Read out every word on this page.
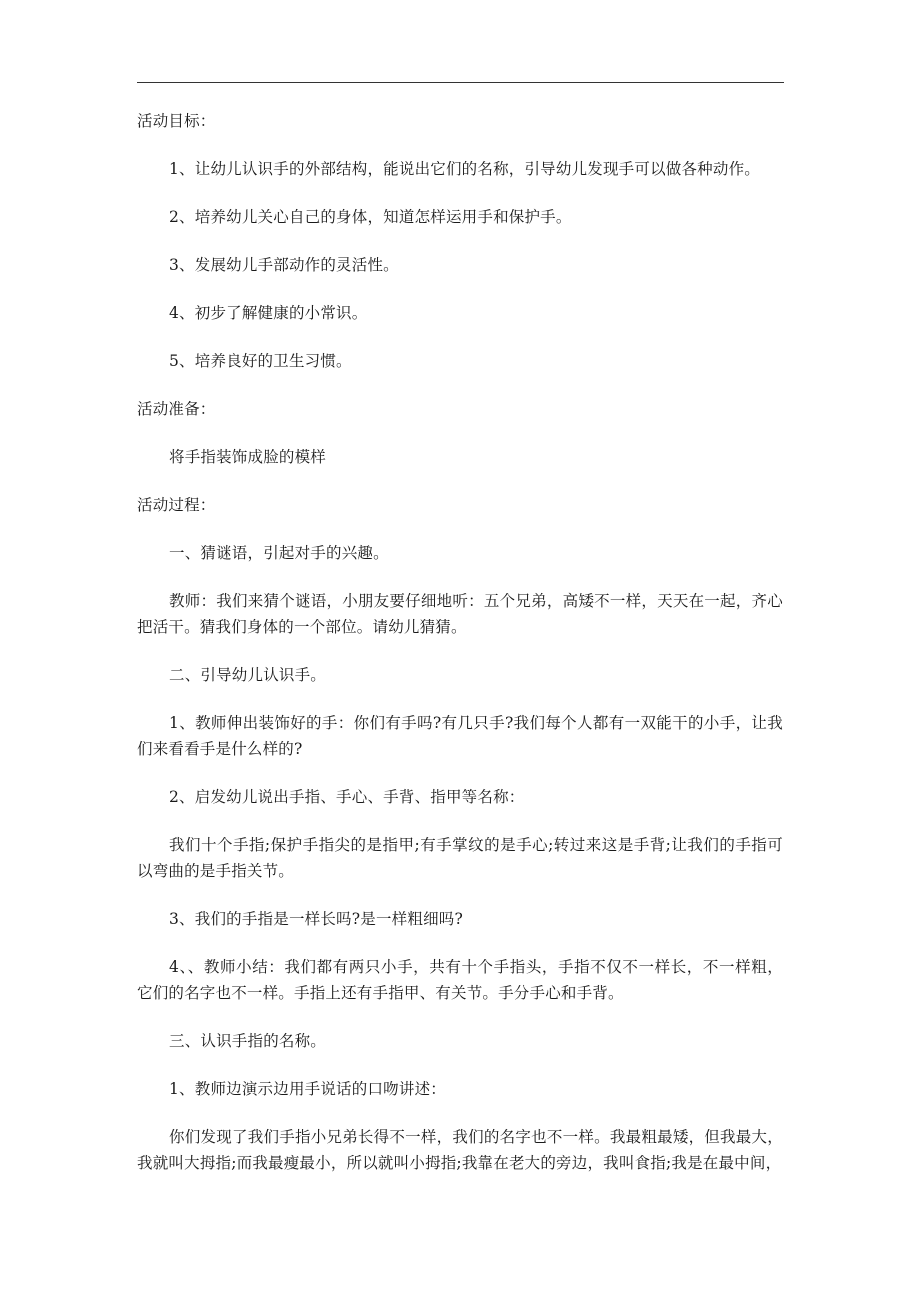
活动目标：

1、让幼儿认识手的外部结构，能说出它们的名称，引导幼儿发现手可以做各种动作。

2、培养幼儿关心自己的身体，知道怎样运用手和保护手。

3、发展幼儿手部动作的灵活性。

4、初步了解健康的小常识。

5、培养良好的卫生习惯。

活动准备：

将手指装饰成脸的模样

活动过程：

一、猜谜语，引起对手的兴趣。

教师：我们来猜个谜语，小朋友要仔细地听：五个兄弟，高矮不一样，天天在一起，齐心把活干。猜我们身体的一个部位。请幼儿猜猜。

二、引导幼儿认识手。

1、教师伸出装饰好的手：你们有手吗?有几只手?我们每个人都有一双能干的小手，让我们来看看手是什么样的?

2、启发幼儿说出手指、手心、手背、指甲等名称：

我们十个手指;保护手指尖的是指甲;有手掌纹的是手心;转过来这是手背;让我们的手指可以弯曲的是手指关节。

3、我们的手指是一样长吗?是一样粗细吗?

4、、教师小结：我们都有两只小手，共有十个手指头，手指不仅不一样长，不一样粗，它们的名字也不一样。手指上还有手指甲、有关节。手分手心和手背。

三、认识手指的名称。

1、教师边演示边用手说话的口吻讲述：

你们发现了我们手指小兄弟长得不一样，我们的名字也不一样。我最粗最矮，但我最大，我就叫大拇指;而我最瘦最小，所以就叫小拇指;我靠在老大的旁边，我叫食指;我是在最中间，
